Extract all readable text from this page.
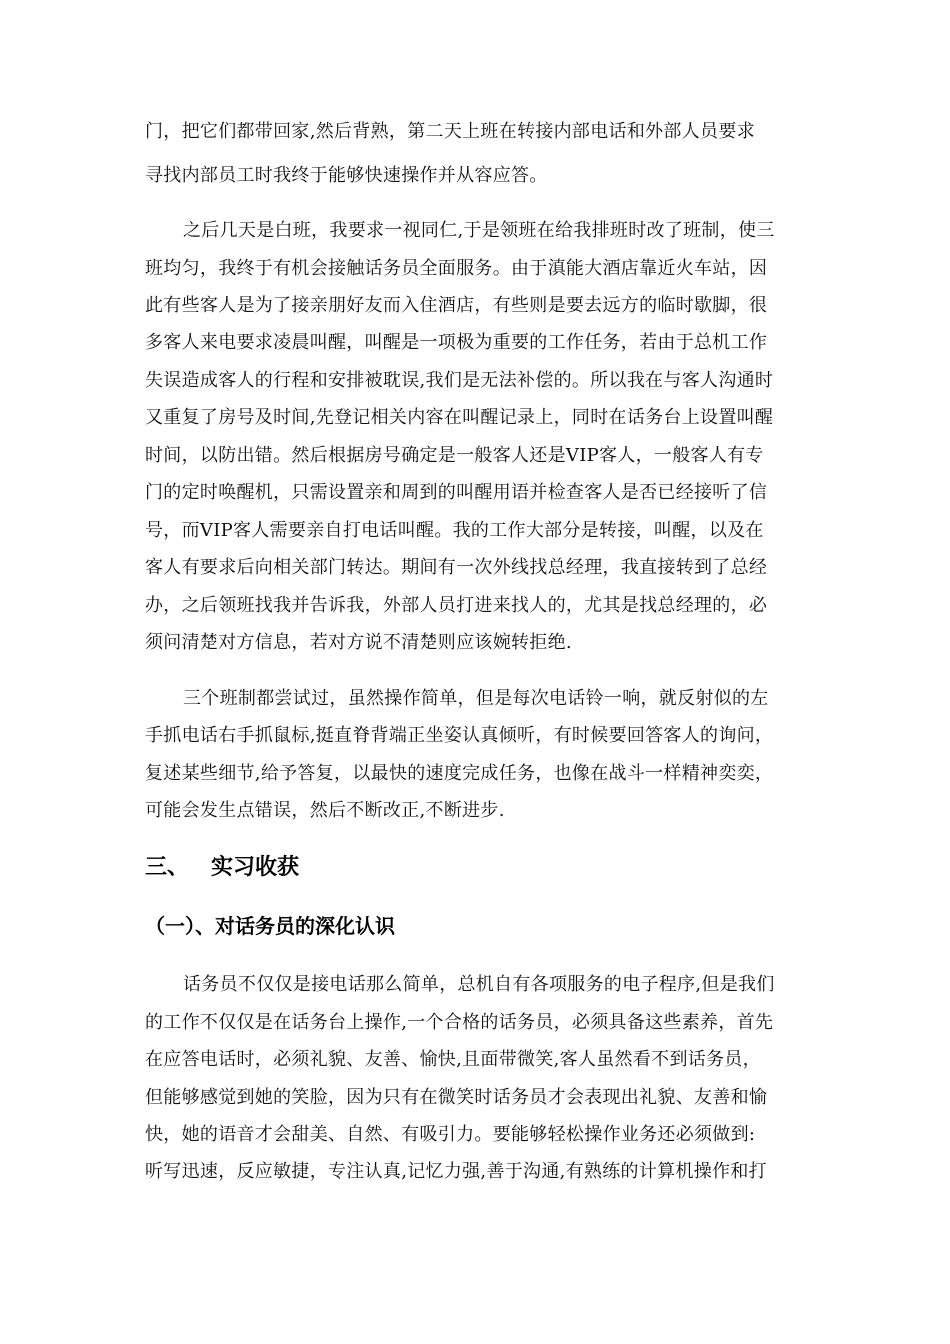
门，把它们都带回家,然后背熟，第二天上班在转接内部电话和外部人员要求
寻找内部员工时我终于能够快速操作并从容应答。
之后几天是白班，我要求一视同仁,于是领班在给我排班时改了班制，使三
班均匀，我终于有机会接触话务员全面服务。由于滇能大酒店靠近火车站，因
此有些客人是为了接亲朋好友而入住酒店，有些则是要去远方的临时歇脚，很
多客人来电要求凌晨叫醒，叫醒是一项极为重要的工作任务，若由于总机工作
失误造成客人的行程和安排被耽误,我们是无法补偿的。所以我在与客人沟通时
又重复了房号及时间,先登记相关内容在叫醒记录上，同时在话务台上设置叫醒
时间，以防出错。然后根据房号确定是一般客人还是VIP客人，一般客人有专
门的定时唤醒机，只需设置亲和周到的叫醒用语并检查客人是否已经接听了信
号，而VIP客人需要亲自打电话叫醒。我的工作大部分是转接，叫醒，以及在
客人有要求后向相关部门转达。期间有一次外线找总经理，我直接转到了总经
办，之后领班找我并告诉我，外部人员打进来找人的，尤其是找总经理的，必
须问清楚对方信息，若对方说不清楚则应该婉转拒绝.
三个班制都尝试过，虽然操作简单，但是每次电话铃一响，就反射似的左
手抓电话右手抓鼠标,挺直脊背端正坐姿认真倾听，有时候要回答客人的询问，
复述某些细节,给予答复，以最快的速度完成任务，也像在战斗一样精神奕奕，
可能会发生点错误，然后不断改正,不断进步.
三、 实习收获
（一）、对话务员的深化认识
话务员不仅仅是接电话那么简单，总机自有各项服务的电子程序,但是我们
的工作不仅仅是在话务台上操作,一个合格的话务员，必须具备这些素养，首先
在应答电话时，必须礼貌、友善、愉快,且面带微笑,客人虽然看不到话务员，
但能够感觉到她的笑脸，因为只有在微笑时话务员才会表现出礼貌、友善和愉
快，她的语音才会甜美、自然、有吸引力。要能够轻松操作业务还必须做到:
听写迅速，反应敏捷，专注认真,记忆力强,善于沟通,有熟练的计算机操作和打
